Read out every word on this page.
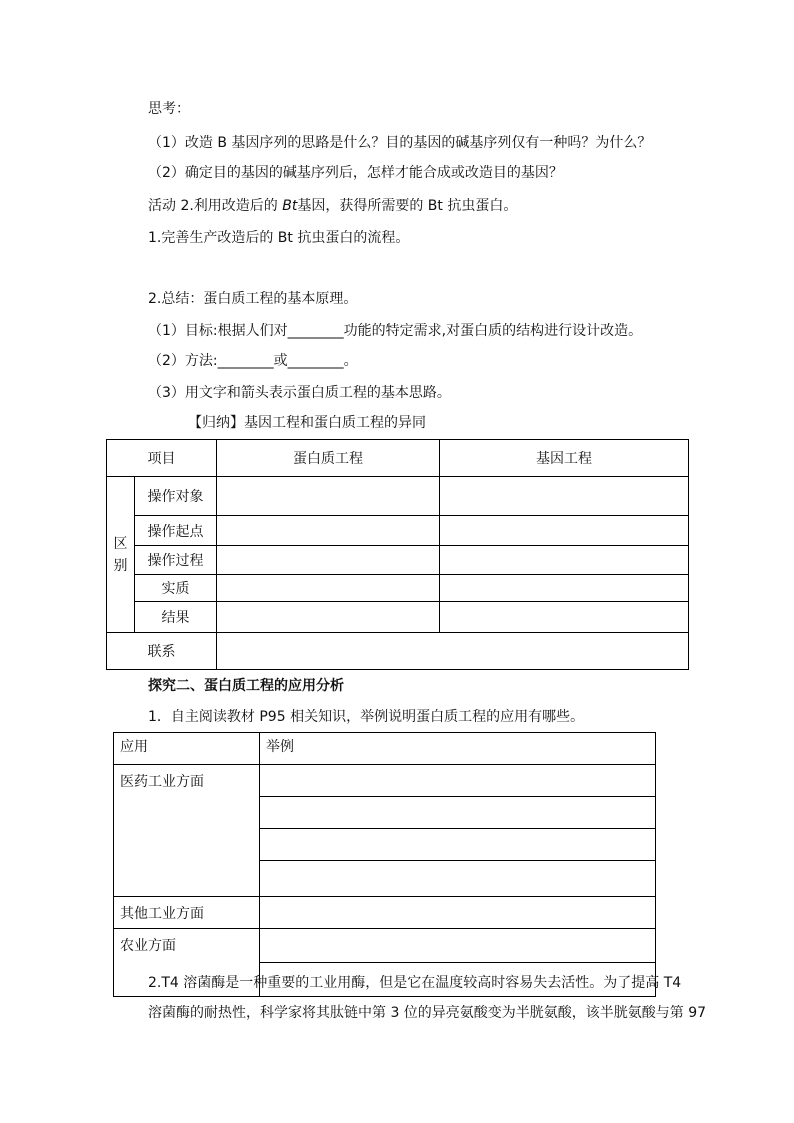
思考：
（1）改造 B 基因序列的思路是什么？目的基因的碱基序列仅有一种吗？为什么？
（2）确定目的基因的碱基序列后，怎样才能合成或改造目的基因？
活动 2.利用改造后的 Bt基因，获得所需要的 Bt 抗虫蛋白。
1.完善生产改造后的 Bt 抗虫蛋白的流程。
2.总结：蛋白质工程的基本原理。
（1）目标:根据人们对________功能的特定需求,对蛋白质的结构进行设计改造。
（2）方法:________或________。
（3）用文字和箭头表示蛋白质工程的基本思路。
【归纳】基因工程和蛋白质工程的异同
项目		蛋白质工程	基因工程
区别	操作对象		
	操作起点		
	操作过程		
	实质		
	结果		
联系			
探究二、蛋白质工程的应用分析
1．自主阅读教材 P95 相关知识，举例说明蛋白质工程的应用有哪些。
应用	举例
医药工业方面	

其他工业方面	
农业方面	

2.T4 溶菌酶是一种重要的工业用酶，但是它在温度较高时容易失去活性。为了提高 T4
溶菌酶的耐热性，科学家将其肽链中第 3 位的异亮氨酸变为半胱氨酸，该半胱氨酸与第 97
